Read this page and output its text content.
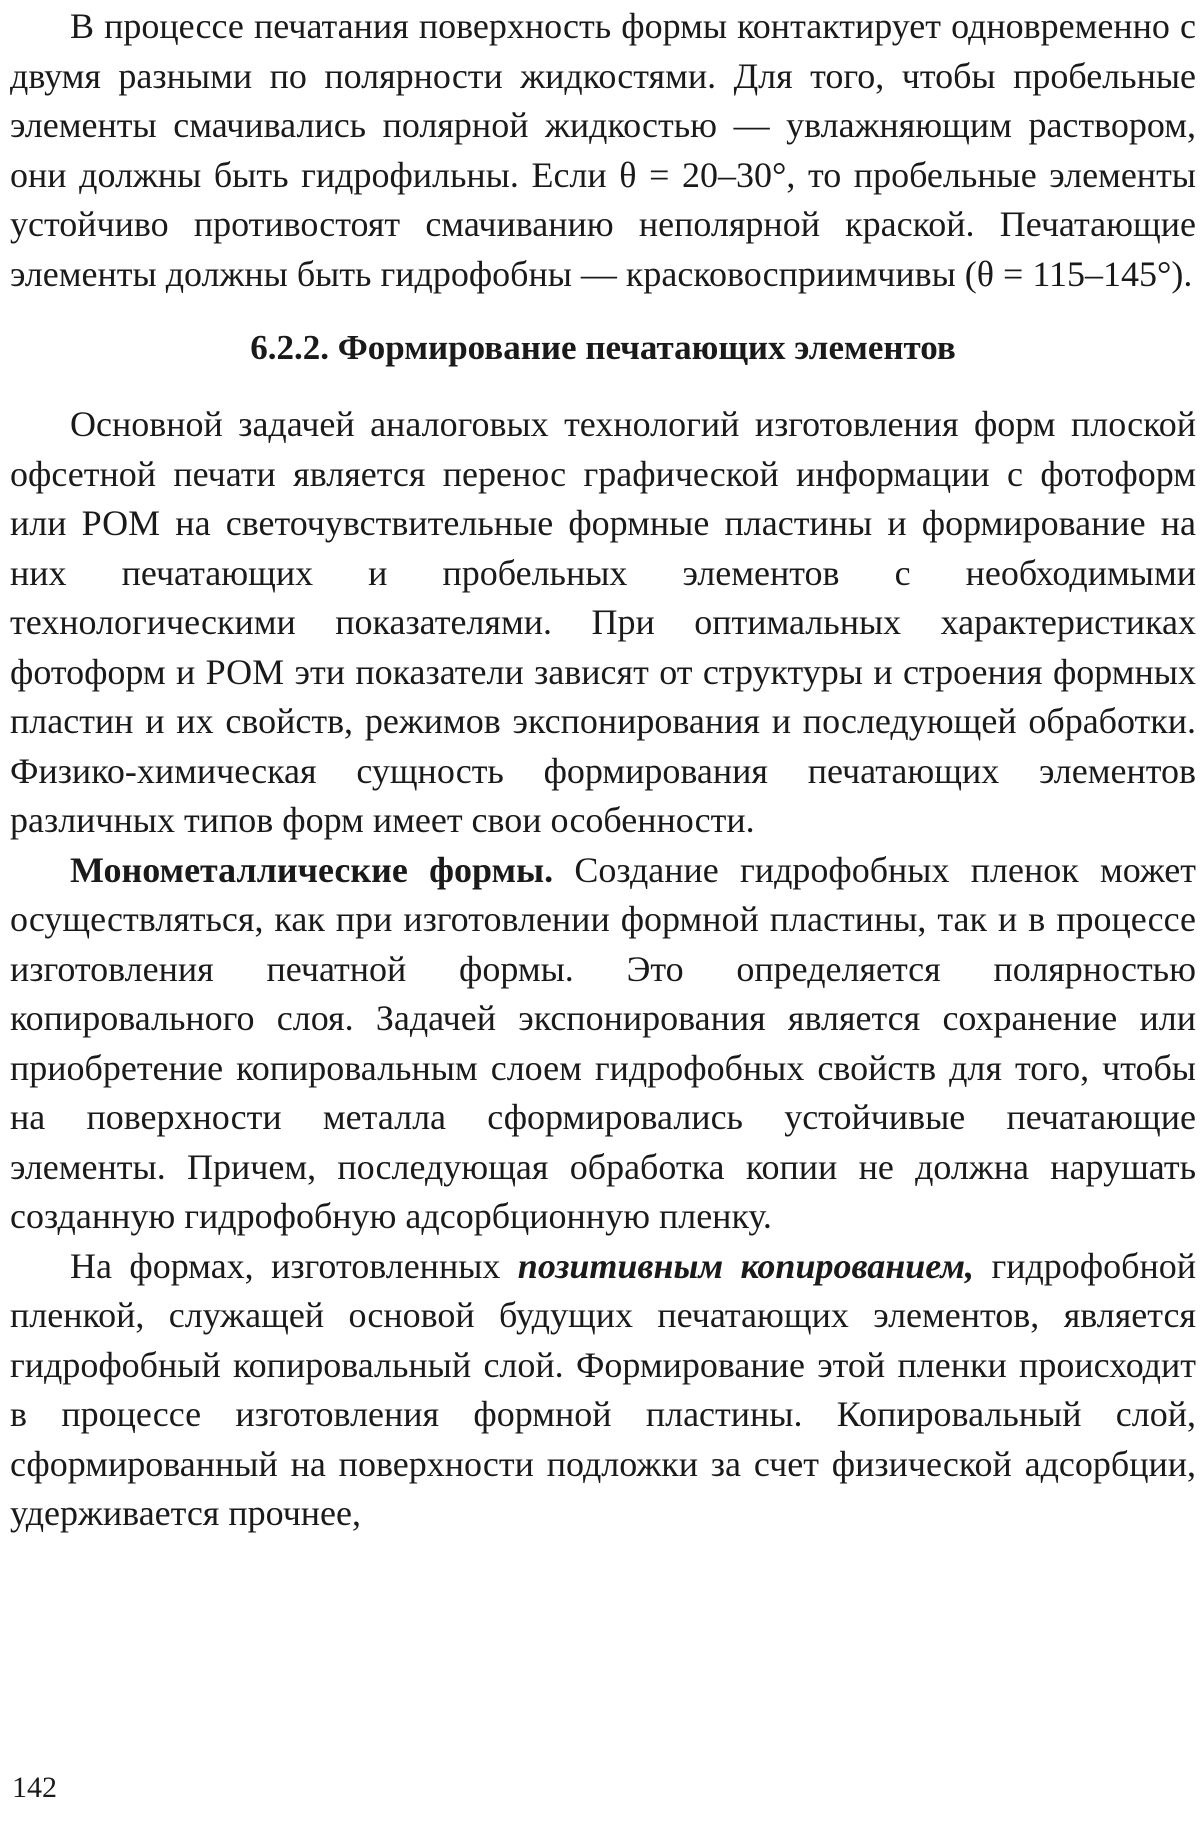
В процессе печатания поверхность формы контактирует одновременно с двумя разными по полярности жидкостями. Для того, чтобы пробельные элементы смачивались полярной жидкостью — увлажняющим раствором, они должны быть гидрофильны. Если θ = 20–30°, то пробельные элементы устойчиво противостоят смачиванию неполярной краской. Печатающие элементы должны быть гидрофобны — красковосприимчивы (θ = 115–145°).

6.2.2. Формирование печатающих элементов

Основной задачей аналоговых технологий изготовления форм плоской офсетной печати является перенос графической информации с фотоформ или РОМ на светочувствительные формные пластины и формирование на них печатающих и пробельных элементов с необходимыми технологическими показателями. При оптимальных характеристиках фотоформ и РОМ эти показатели зависят от структуры и строения формных пластин и их свойств, режимов экспонирования и последующей обработки. Физико-химическая сущность формирования печатающих элементов различных типов форм имеет свои особенности.

Монометаллические формы. Создание гидрофобных пленок может осуществляться, как при изготовлении формной пластины, так и в процессе изготовления печатной формы. Это определяется полярностью копировального слоя. Задачей экспонирования является сохранение или приобретение копировальным слоем гидрофобных свойств для того, чтобы на поверхности металла сформировались устойчивые печатающие элементы. Причем, последующая обработка копии не должна нарушать созданную гидрофобную адсорбционную пленку.

На формах, изготовленных позитивным копированием, гидрофобной пленкой, служащей основой будущих печатающих элементов, является гидрофобный копировальный слой. Формирование этой пленки происходит в процессе изготовления формной пластины. Копировальный слой, сформированный на поверхности подложки за счет физической адсорбции, удерживается прочнее,

142
